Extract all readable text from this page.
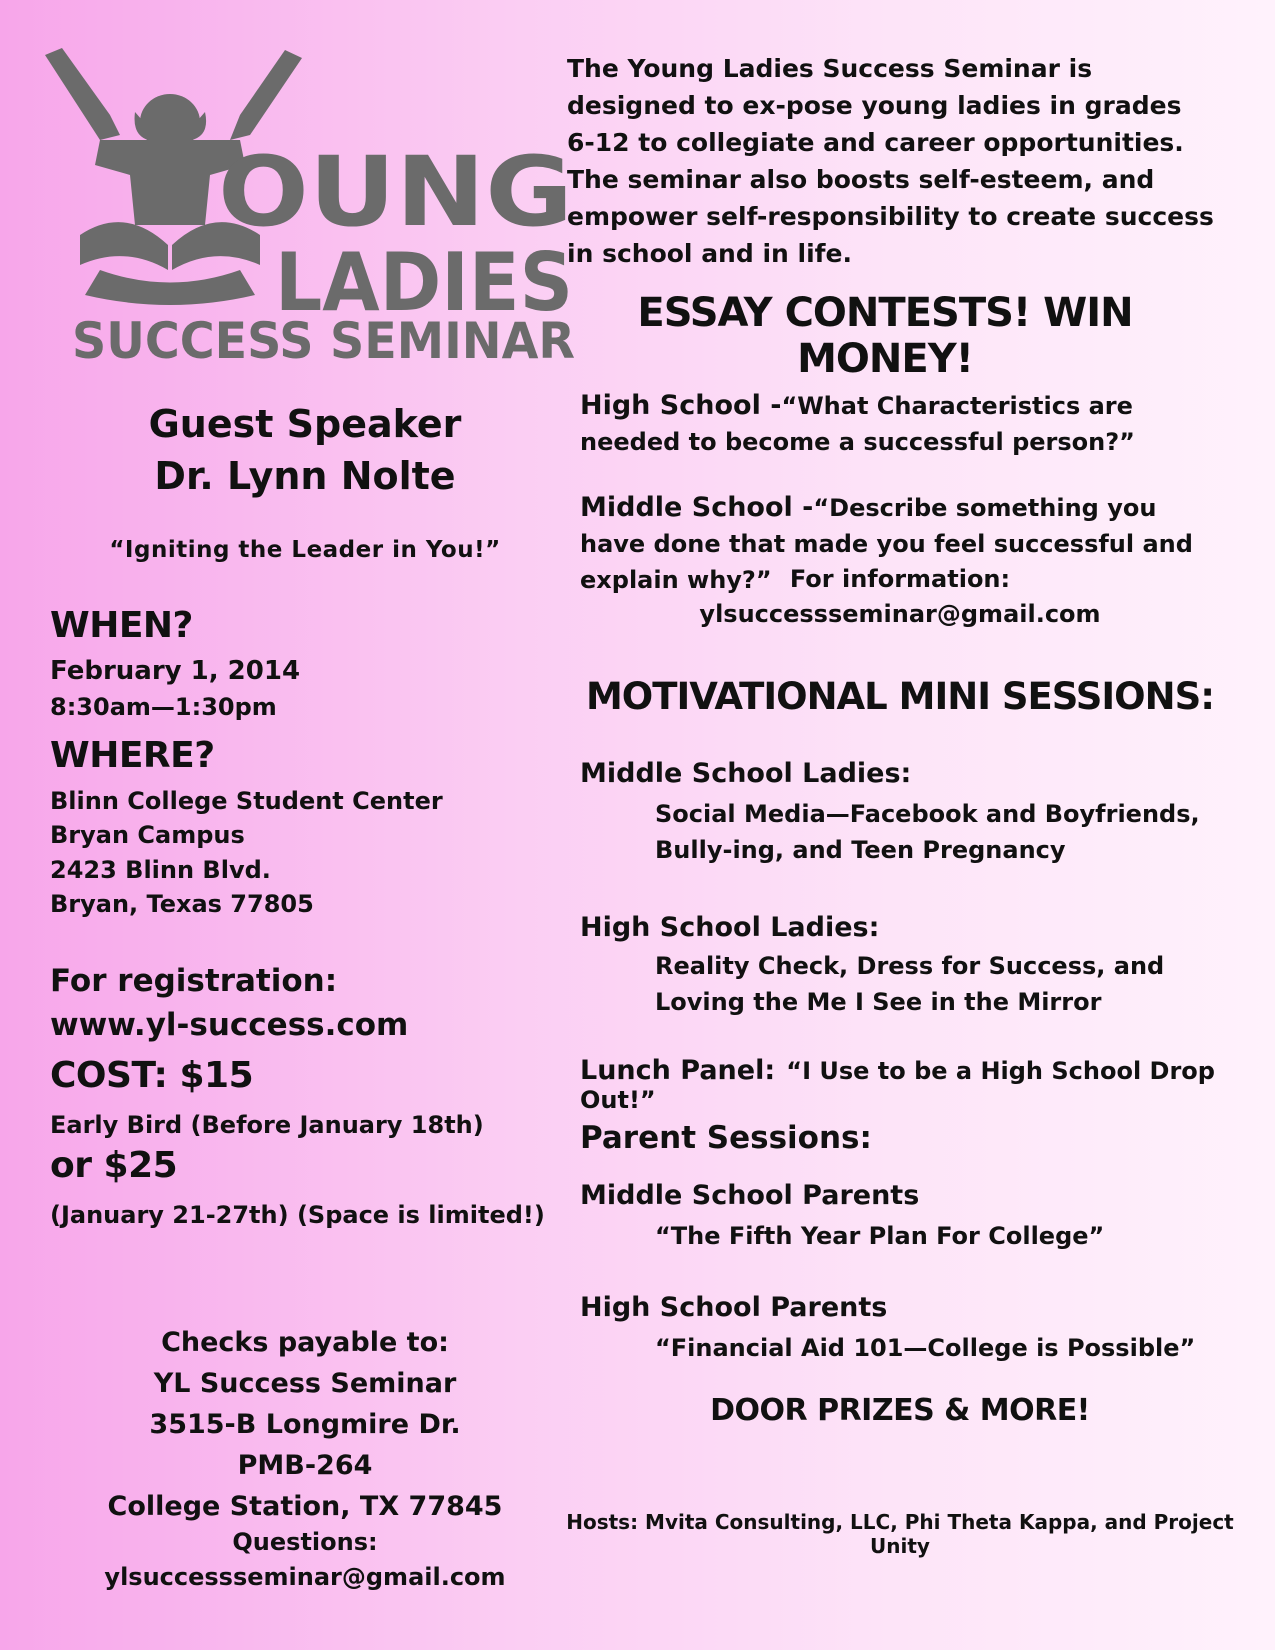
OUNG
LADIES
SUCCESS SEMINAR
The Young Ladies Success Seminar is designed to ex-pose young ladies in grades 6-12 to collegiate and career opportunities. The seminar also boosts self-esteem, and empower self-responsibility to create success in school and in life.
ESSAY CONTESTS! WIN MONEY!
High School -“What Characteristics are needed to become a successful person?”
Middle School -“Describe something you have done that made you feel successful and explain why?” For information:
ylsuccessseminar@gmail.com
MOTIVATIONAL MINI SESSIONS:
Middle School Ladies:
Social Media—Facebook and Boyfriends, Bully-ing, and Teen Pregnancy
High School Ladies:
Reality Check, Dress for Success, and Loving the Me I See in the Mirror
Lunch Panel: “I Use to be a High School Drop Out!”
Parent Sessions:
Middle School Parents
“The Fifth Year Plan For College”
High School Parents
“Financial Aid 101—College is Possible”
DOOR PRIZES & MORE!
Hosts: Mvita Consulting, LLC, Phi Theta Kappa, and Project Unity
Guest Speaker
Dr. Lynn Nolte
“Igniting the Leader in You!”
WHEN?
February 1, 2014
8:30am—1:30pm
WHERE?
Blinn College Student Center
Bryan Campus
2423 Blinn Blvd.
Bryan, Texas 77805
For registration:
www.yl-success.com
COST: $15
Early Bird (Before January 18th)
or $25
(January 21-27th) (Space is limited!)
Checks payable to:
YL Success Seminar
3515-B Longmire Dr.
PMB-264
College Station, TX 77845
Questions:
ylsuccessseminar@gmail.com
